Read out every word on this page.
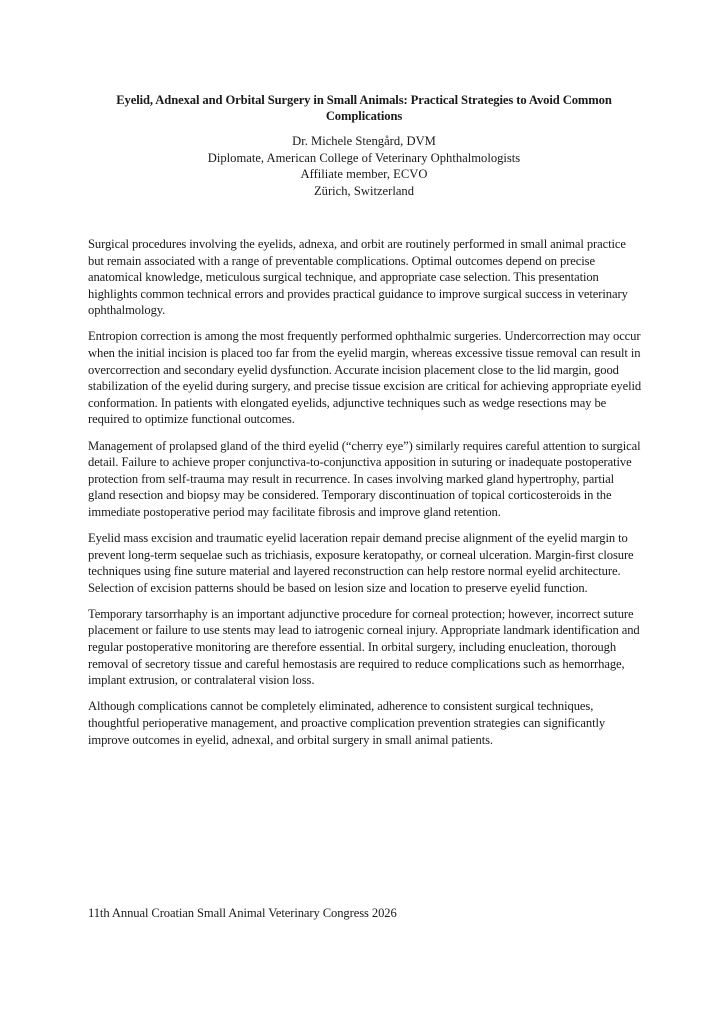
Eyelid, Adnexal and Orbital Surgery in Small Animals: Practical Strategies to Avoid Common Complications
Dr. Michele Stengård, DVM
Diplomate, American College of Veterinary Ophthalmologists
Affiliate member, ECVO
Zürich, Switzerland

Surgical procedures involving the eyelids, adnexa, and orbit are routinely performed in small animal practice but remain associated with a range of preventable complications. Optimal outcomes depend on precise anatomical knowledge, meticulous surgical technique, and appropriate case selection. This presentation highlights common technical errors and provides practical guidance to improve surgical success in veterinary ophthalmology.

Entropion correction is among the most frequently performed ophthalmic surgeries. Undercorrection may occur when the initial incision is placed too far from the eyelid margin, whereas excessive tissue removal can result in overcorrection and secondary eyelid dysfunction. Accurate incision placement close to the lid margin, good stabilization of the eyelid during surgery, and precise tissue excision are critical for achieving appropriate eyelid conformation. In patients with elongated eyelids, adjunctive techniques such as wedge resections may be required to optimize functional outcomes.

Management of prolapsed gland of the third eyelid (“cherry eye”) similarly requires careful attention to surgical detail. Failure to achieve proper conjunctiva-to-conjunctiva apposition in suturing or inadequate postoperative protection from self-trauma may result in recurrence. In cases involving marked gland hypertrophy, partial gland resection and biopsy may be considered. Temporary discontinuation of topical corticosteroids in the immediate postoperative period may facilitate fibrosis and improve gland retention.

Eyelid mass excision and traumatic eyelid laceration repair demand precise alignment of the eyelid margin to prevent long-term sequelae such as trichiasis, exposure keratopathy, or corneal ulceration. Margin-first closure techniques using fine suture material and layered reconstruction can help restore normal eyelid architecture. Selection of excision patterns should be based on lesion size and location to preserve eyelid function.

Temporary tarsorrhaphy is an important adjunctive procedure for corneal protection; however, incorrect suture placement or failure to use stents may lead to iatrogenic corneal injury. Appropriate landmark identification and regular postoperative monitoring are therefore essential. In orbital surgery, including enucleation, thorough removal of secretory tissue and careful hemostasis are required to reduce complications such as hemorrhage, implant extrusion, or contralateral vision loss.

Although complications cannot be completely eliminated, adherence to consistent surgical techniques, thoughtful perioperative management, and proactive complication prevention strategies can significantly improve outcomes in eyelid, adnexal, and orbital surgery in small animal patients.

11th Annual Croatian Small Animal Veterinary Congress 2026
